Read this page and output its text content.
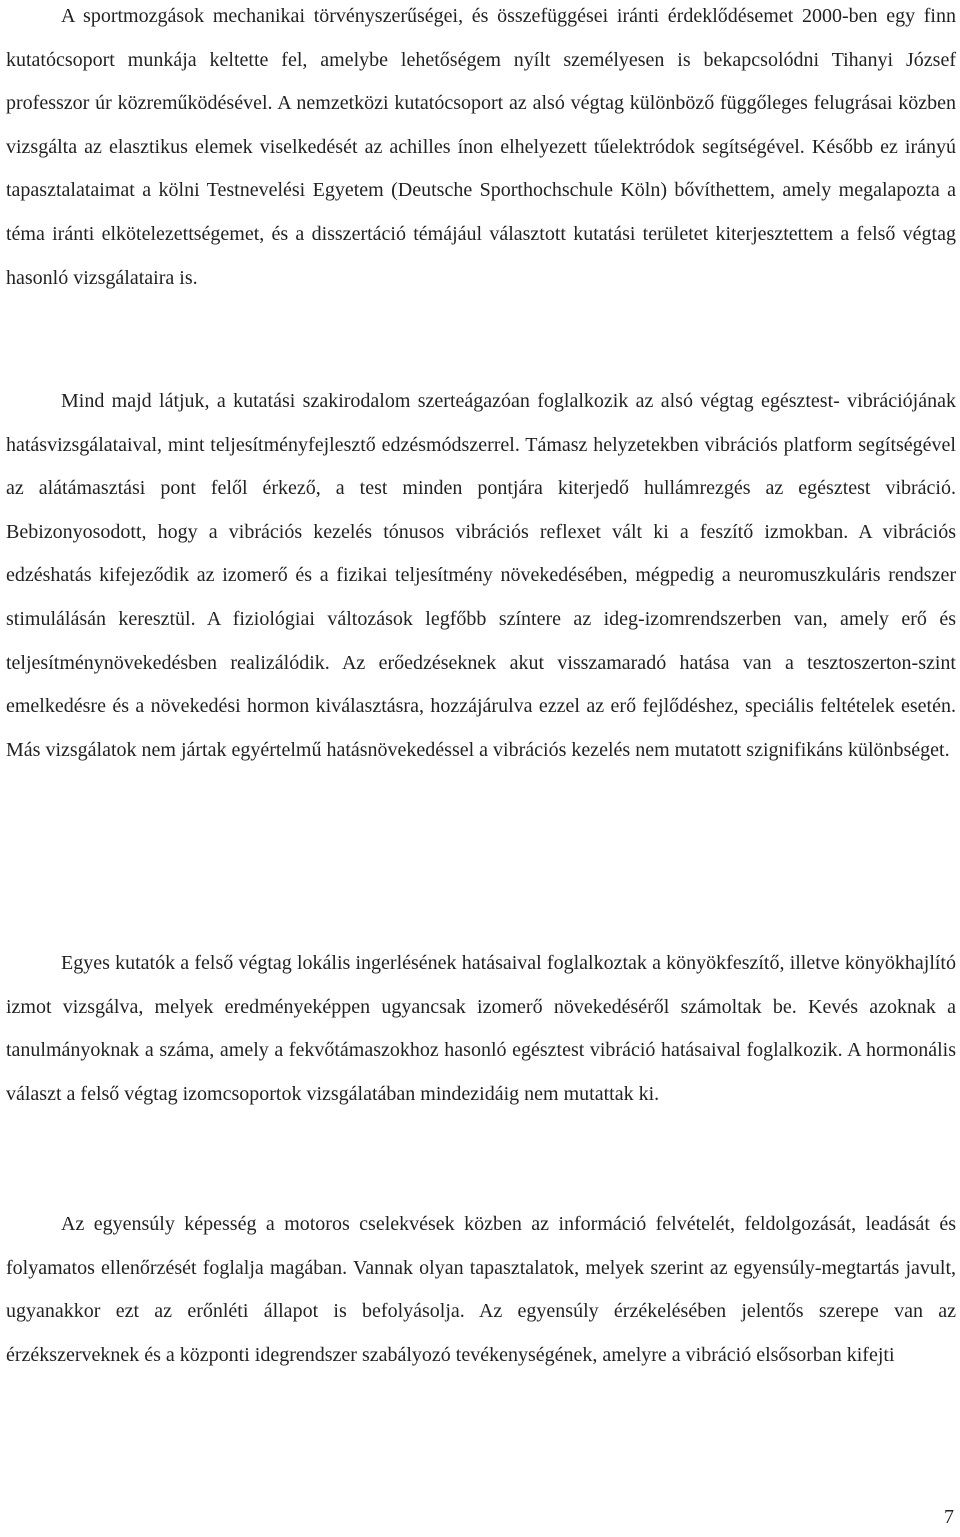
A sportmozgások mechanikai törvényszerűségei, és összefüggései iránti érdeklődésemet 2000-ben egy finn kutatócsoport munkája keltette fel, amelybe lehetőségem nyílt személyesen is bekapcsolódni Tihanyi József professzor úr közreműködésével. A nemzetközi kutatócsoport az alsó végtag különböző függőleges felugrásai közben vizsgálta az elasztikus elemek viselkedését az achilles ínon elhelyezett tűelektródok segítségével. Később ez irányú tapasztalataimat a kölni Testnevelési Egyetem (Deutsche Sporthochschule Köln) bővíthettem, amely megalapozta a téma iránti elkötelezettségemet, és a disszertáció témájául választott kutatási területet kiterjesztettem a felső végtag hasonló vizsgálataira is.

Mind majd látjuk, a kutatási szakirodalom szerteágazóan foglalkozik az alsó végtag egésztest- vibrációjának hatásvizsgálataival, mint teljesítményfejlesztő edzésmódszerrel. Támasz helyzetekben vibrációs platform segítségével az alátámasztási pont felől érkező, a test minden pontjára kiterjedő hullámrezgés az egésztest vibráció. Bebizonyosodott, hogy a vibrációs kezelés tónusos vibrációs reflexet vált ki a feszítő izmokban. A vibrációs edzéshatás kifejeződik az izomerő és a fizikai teljesítmény növekedésében, mégpedig a neuromuszkuláris rendszer stimulálásán keresztül. A fiziológiai változások legfőbb színtere az ideg-izomrendszerben van, amely erő és teljesítménynövekedésben realizálódik. Az erőedzéseknek akut visszamaradó hatása van a tesztoszerton-szint emelkedésre és a növekedési hormon kiválasztásra, hozzájárulva ezzel az erő fejlődéshez, speciális feltételek esetén. Más vizsgálatok nem jártak egyértelmű hatásnövekedéssel a vibrációs kezelés nem mutatott szignifikáns különbséget.

Egyes kutatók a felső végtag lokális ingerlésének hatásaival foglalkoztak a könyökfeszítő, illetve könyökhajlító izmot vizsgálva, melyek eredményeképpen ugyancsak izomerő növekedéséről számoltak be. Kevés azoknak a tanulmányoknak a száma, amely a fekvőtámaszokhoz hasonló egésztest vibráció hatásaival foglalkozik. A hormonális választ a felső végtag izomcsoportok vizsgálatában mindezidáig nem mutattak ki.

Az egyensúly képesség a motoros cselekvések közben az információ felvételét, feldolgozását, leadását és folyamatos ellenőrzését foglalja magában. Vannak olyan tapasztalatok, melyek szerint az egyensúly-megtartás javult, ugyanakkor ezt az erőnléti állapot is befolyásolja. Az egyensúly érzékelésében jelentős szerepe van az érzékszerveknek és a központi idegrendszer szabályozó tevékenységének, amelyre a vibráció elsősorban kifejti

7
